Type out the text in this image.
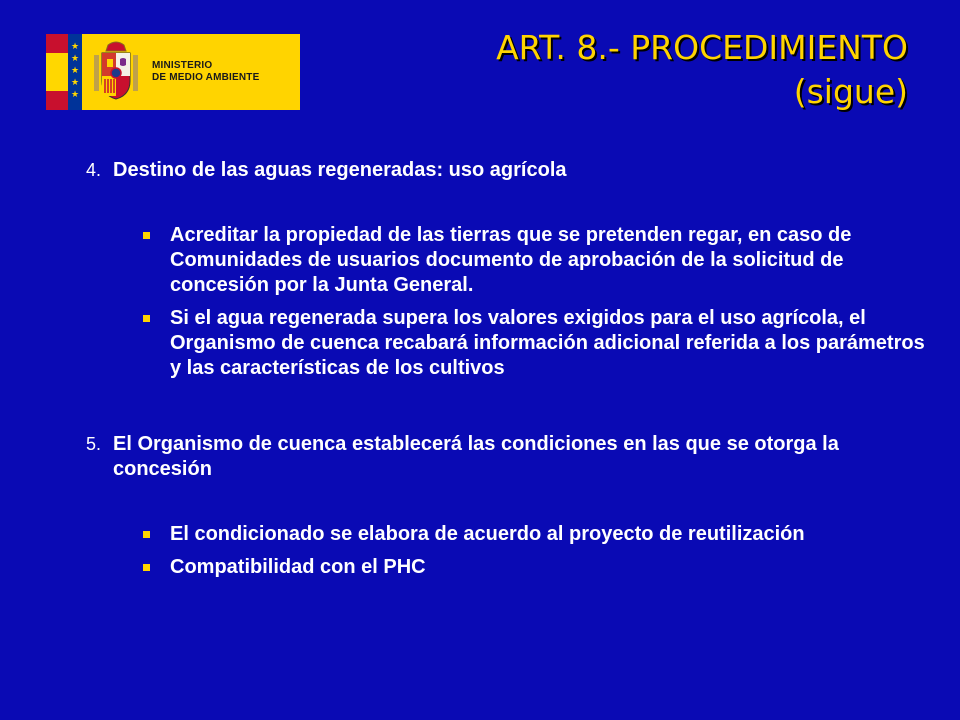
★
★
★
★
★
MINISTERIO
DE MEDIO AMBIENTE
ART. 8.- PROCEDIMIENTO
(sigue)
4. Destino de las aguas regeneradas: uso agrícola
Acreditar la propiedad de las tierras que se pretenden regar, en caso de Comunidades de usuarios documento de aprobación de la solicitud de concesión por la Junta General.
Si el agua regenerada supera los valores exigidos para el uso agrícola, el Organismo de cuenca recabará información adicional referida a los parámetros y las características de los cultivos
5. El Organismo de cuenca establecerá las condiciones en las que se otorga la concesión
El condicionado se elabora de acuerdo al proyecto de reutilización
Compatibilidad con el PHC
